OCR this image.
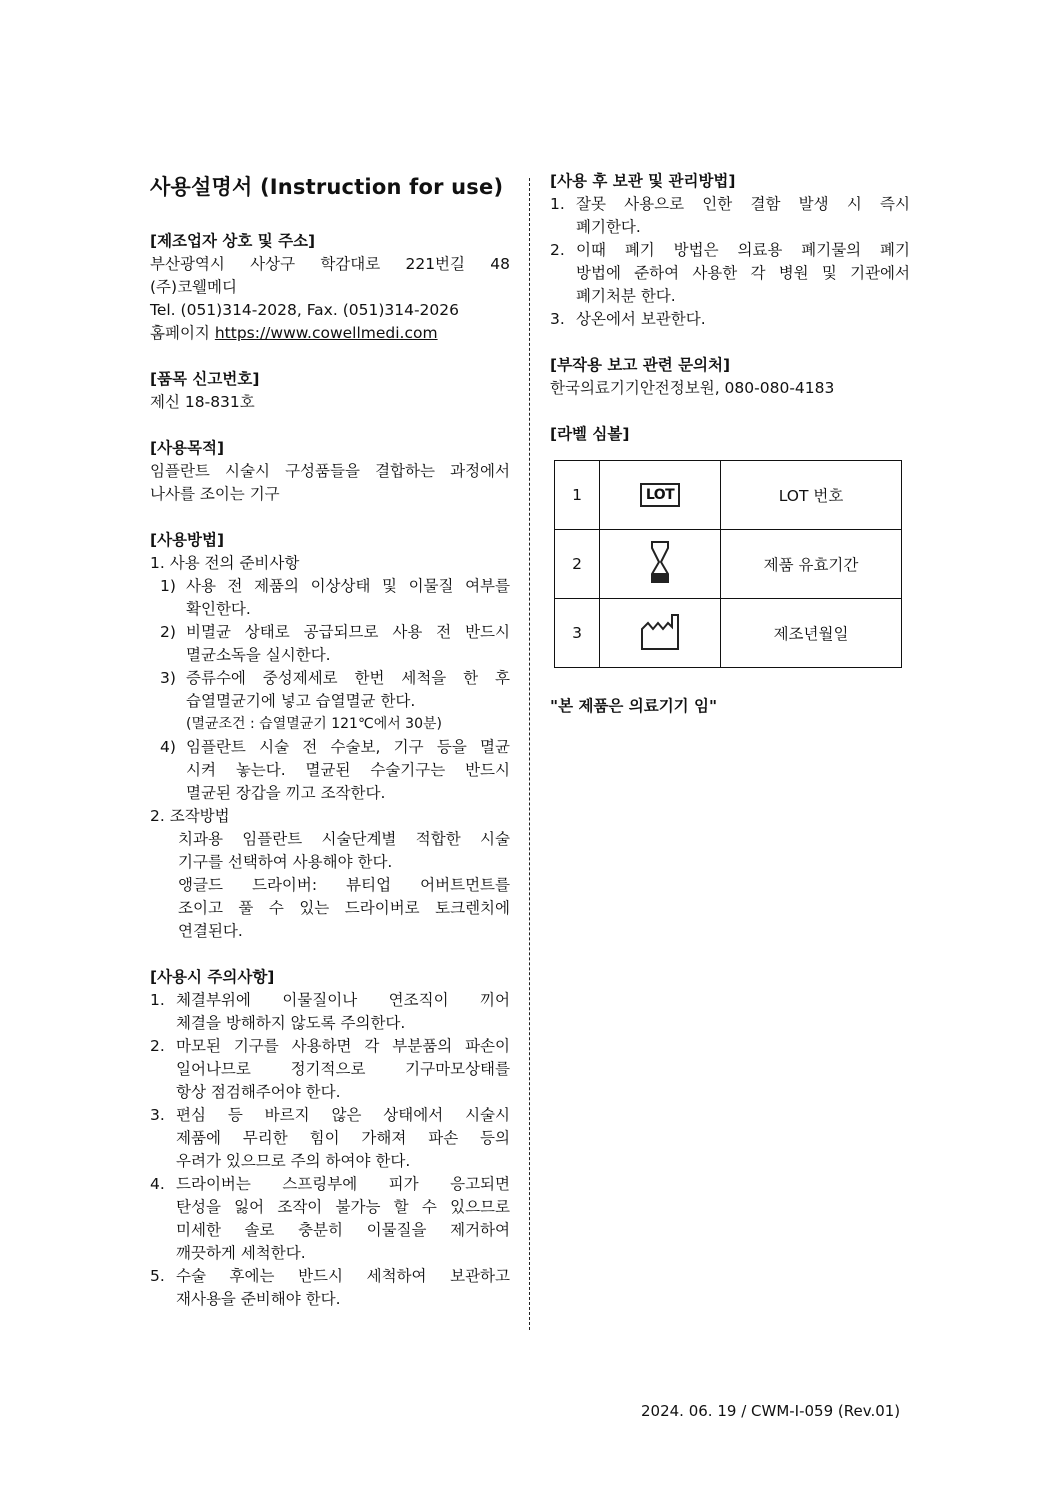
사용설명서 (Instruction for use)

[제조업자 상호 및 주소]

부산광역시 사상구 학감대로 221번길 48

(주)코웰메디

Tel. (051)314-2028, Fax. (051)314-2026

홈페이지 https://www.cowellmedi.com

[품목 신고번호]

제신 18-831호

[사용목적]

임플란트 시술시 구성품들을 결합하는 과정에서

나사를 조이는 기구

[사용방법]

1. 사용 전의 준비사항

1) 사용 전 제품의 이상상태 및 이물질 여부를

확인한다.

2) 비멸균 상태로 공급되므로 사용 전 반드시

멸균소독을 실시한다.

3) 증류수에 중성제세로 한번 세척을 한 후

습열멸균기에 넣고 습열멸균 한다.

(멸균조건 : 습열멸균기 121℃에서 30분)

4) 임플란트 시술 전 수술보, 기구 등을 멸균

시켜 놓는다. 멸균된 수술기구는 반드시

멸균된 장갑을 끼고 조작한다.

2. 조작방법

치과용 임플란트 시술단계별 적합한 시술

기구를 선택하여 사용해야 한다.

앵글드 드라이버: 뷰티업 어버트먼트를

조이고 풀 수 있는 드라이버로 토크렌치에

연결된다.

[사용시 주의사항]

1. 체결부위에 이물질이나 연조직이 끼어

체결을 방해하지 않도록 주의한다.

2. 마모된 기구를 사용하면 각 부분품의 파손이

일어나므로 정기적으로 기구마모상태를

항상 점검해주어야 한다.

3. 편심 등 바르지 않은 상태에서 시술시

제품에 무리한 힘이 가해져 파손 등의

우려가 있으므로 주의 하여야 한다.

4. 드라이버는 스프링부에 피가 응고되면

탄성을 잃어 조작이 불가능 할 수 있으므로

미세한 솔로 충분히 이물질을 제거하여

깨끗하게 세척한다.

5. 수술 후에는 반드시 세척하여 보관하고

재사용을 준비해야 한다.

[사용 후 보관 및 관리방법]

1. 잘못 사용으로 인한 결함 발생 시 즉시

폐기한다.

2. 이때 폐기 방법은 의료용 폐기물의 폐기

방법에 준하여 사용한 각 병원 및 기관에서

폐기처분 한다.

3. 상온에서 보관한다.

[부작용 보고 관련 문의처]

한국의료기기안전정보원, 080-080-4183

[라벨 심볼]

1	LOT	LOT 번호
2		제품 유효기간
3		제조년월일

"본 제품은 의료기기 임"

2024. 06. 19 / CWM-I-059 (Rev.01)
